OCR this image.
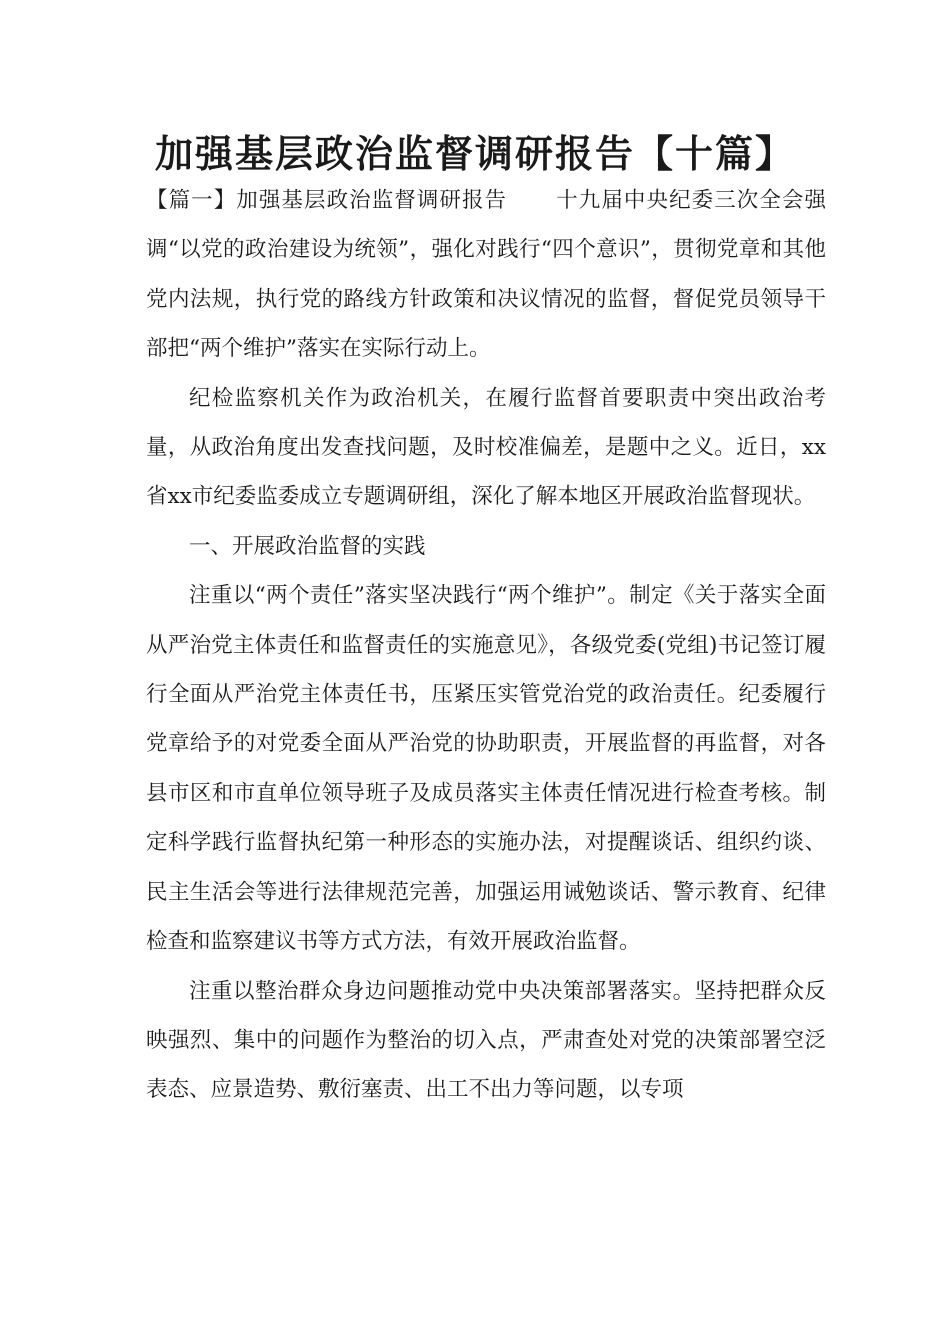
加强基层政治监督调研报告【十篇】

【篇一】加强基层政治监督调研报告 十九届中央纪委三次全会强调“以党的政治建设为统领”，强化对践行“四个意识”，贯彻党章和其他党内法规，执行党的路线方针政策和决议情况的监督，督促党员领导干部把“两个维护”落实在实际行动上。

纪检监察机关作为政治机关，在履行监督首要职责中突出政治考量，从政治角度出发查找问题，及时校准偏差，是题中之义。近日，xx省xx市纪委监委成立专题调研组，深化了解本地区开展政治监督现状。

一、开展政治监督的实践

注重以“两个责任”落实坚决践行“两个维护”。制定《关于落实全面从严治党主体责任和监督责任的实施意见》，各级党委(党组)书记签订履行全面从严治党主体责任书，压紧压实管党治党的政治责任。纪委履行党章给予的对党委全面从严治党的协助职责，开展监督的再监督，对各县市区和市直单位领导班子及成员落实主体责任情况进行检查考核。制定科学践行监督执纪第一种形态的实施办法，对提醒谈话、组织约谈、民主生活会等进行法律规范完善，加强运用诫勉谈话、警示教育、纪律检查和监察建议书等方式方法，有效开展政治监督。

注重以整治群众身边问题推动党中央决策部署落实。坚持把群众反映强烈、集中的问题作为整治的切入点，严肃查处对党的决策部署空泛表态、应景造势、敷衍塞责、出工不出力等问题，以专项
